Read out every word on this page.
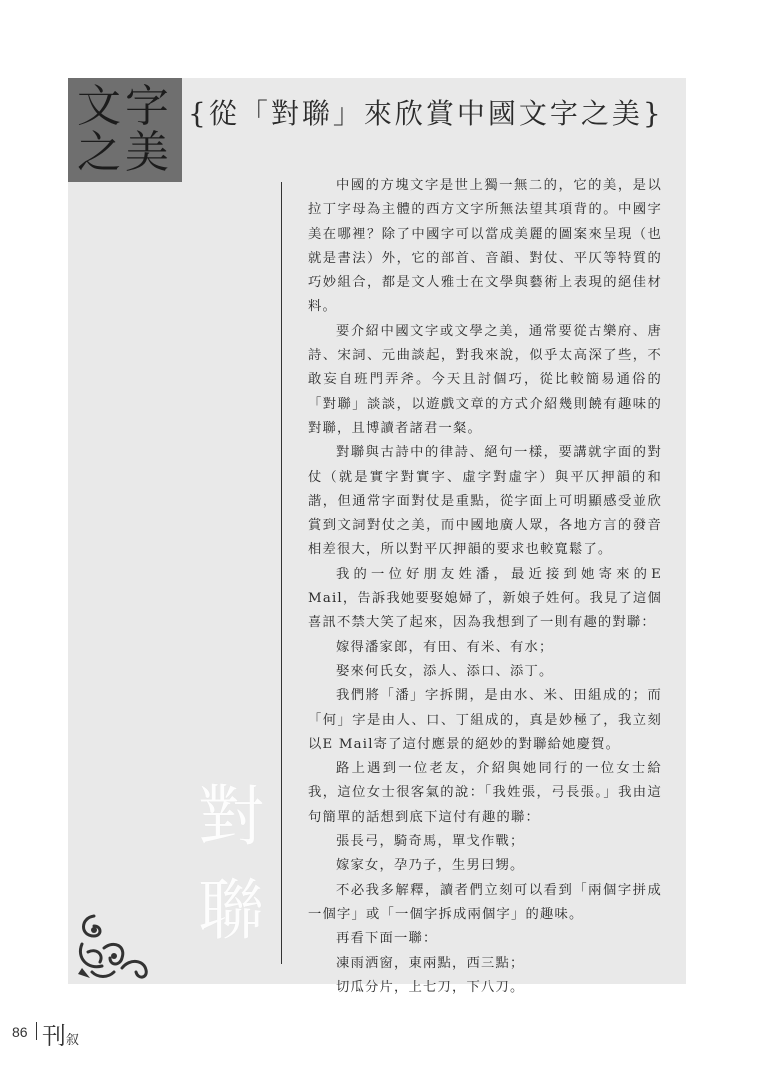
文字
之美
{從「對聯」來欣賞中國文字之美}

中國的方塊文字是世上獨一無二的，它的美，是以拉丁字母為主體的西方文字所無法望其項背的。中國字美在哪裡？除了中國字可以當成美麗的圖案來呈現（也就是書法）外，它的部首、音韻、對仗、平仄等特質的巧妙組合，都是文人雅士在文學與藝術上表現的絕佳材料。

要介紹中國文字或文學之美，通常要從古樂府、唐詩、宋詞、元曲談起，對我來說，似乎太高深了些，不敢妄自班門弄斧。今天且討個巧，從比較簡易通俗的「對聯」談談，以遊戲文章的方式介紹幾則饒有趣味的對聯，且博讀者諸君一粲。

對聯與古詩中的律詩、絕句一樣，要講就字面的對仗（就是實字對實字、虛字對虛字）與平仄押韻的和諧，但通常字面對仗是重點，從字面上可明顯感受並欣賞到文詞對仗之美，而中國地廣人眾，各地方言的發音相差很大，所以對平仄押韻的要求也較寬鬆了。

我的一位好朋友姓潘，最近接到她寄來的E Mail，告訴我她要娶媳婦了，新娘子姓何。我見了這個喜訊不禁大笑了起來，因為我想到了一則有趣的對聯：

嫁得潘家郎，有田、有米、有水；

娶來何氏女，添人、添口、添丁。

我們將「潘」字拆開，是由水、米、田組成的；而「何」字是由人、口、丁組成的，真是妙極了，我立刻以E Mail寄了這付應景的絕妙的對聯給她慶賀。

路上遇到一位老友，介紹與她同行的一位女士給我，這位女士很客氣的說：「我姓張，弓長張。」我由這句簡單的話想到底下這付有趣的聯：

張長弓，騎奇馬，單戈作戰；

嫁家女，孕乃子，生男曰甥。

不必我多解釋，讀者們立刻可以看到「兩個字拼成一個字」或「一個字拆成兩個字」的趣味。

再看下面一聯：

凍雨洒窗，東兩點，西三點；

切瓜分片，上七刀，下八刀。

對
聯
86 刊叙
